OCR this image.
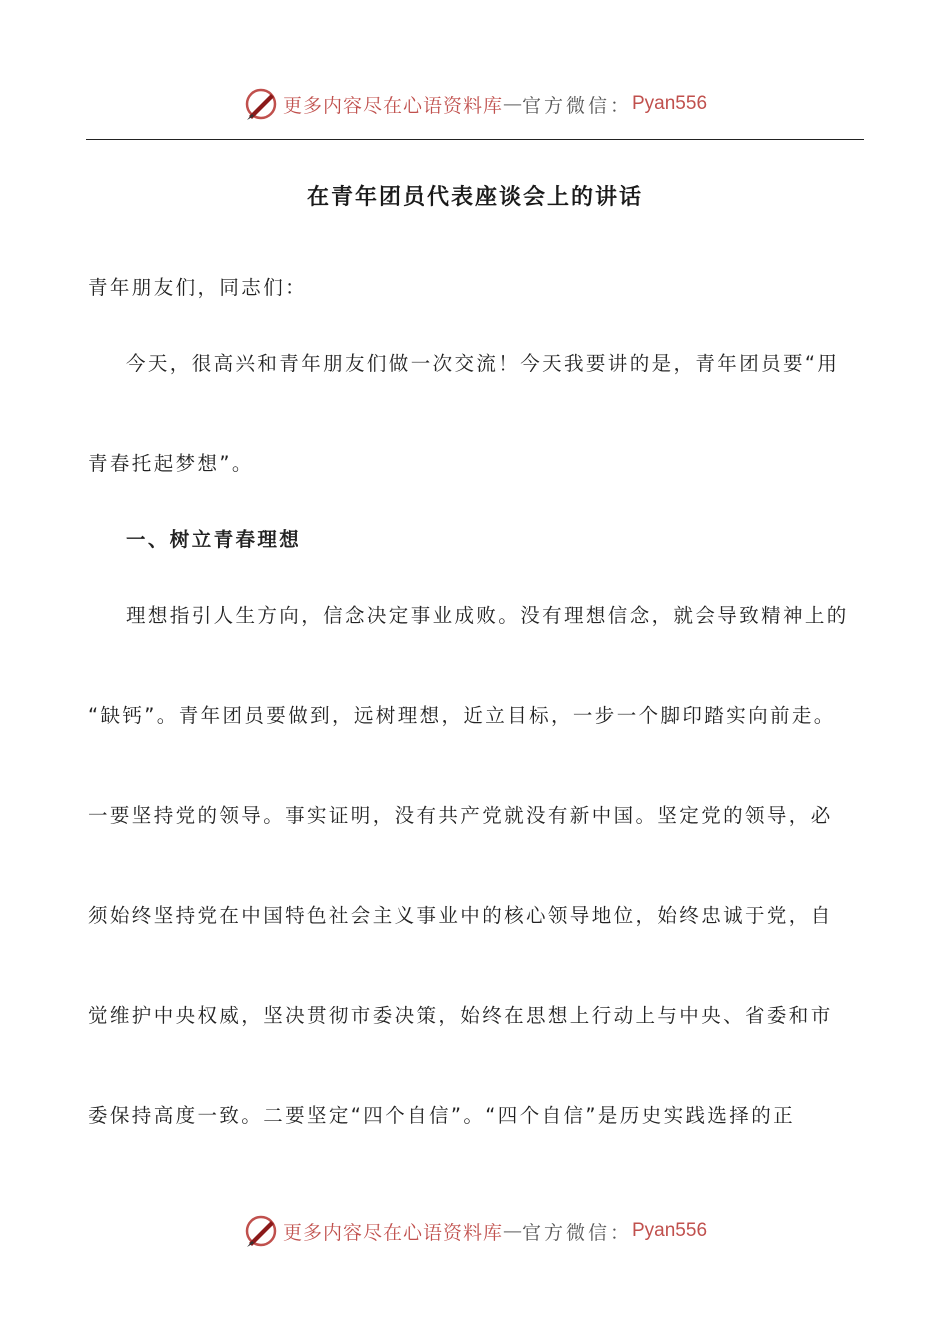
更多内容尽在心语资料库 — 官方微信： Pyan556
在青年团员代表座谈会上的讲话
青年朋友们，同志们：
今天，很高兴和青年朋友们做一次交流！今天我要讲的是，青年团员要“用
青春托起梦想”。
一、树立青春理想
理想指引人生方向，信念决定事业成败。没有理想信念，就会导致精神上的
“缺钙”。青年团员要做到，远树理想，近立目标，一步一个脚印踏实向前走。
一要坚持党的领导。事实证明，没有共产党就没有新中国。坚定党的领导，必
须始终坚持党在中国特色社会主义事业中的核心领导地位，始终忠诚于党，自
觉维护中央权威，坚决贯彻市委决策，始终在思想上行动上与中央、省委和市
委保持高度一致。二要坚定“四个自信”。“四个自信”是历史实践选择的正
更多内容尽在心语资料库 — 官方微信： Pyan556
